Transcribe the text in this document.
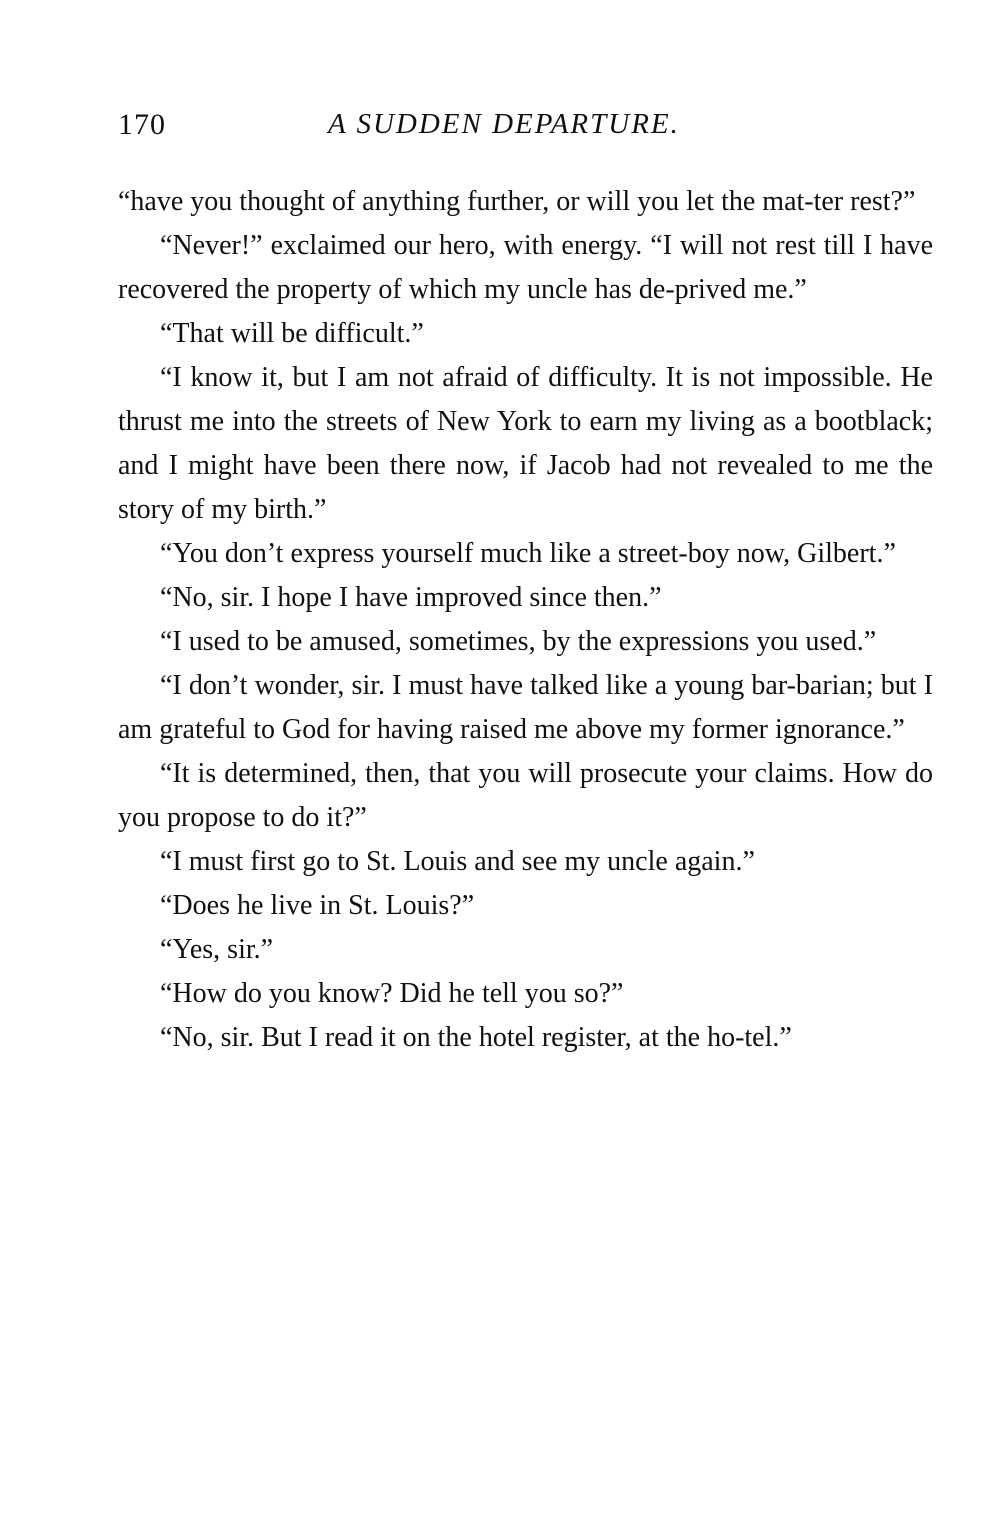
170	A SUDDEN DEPARTURE.

“have you thought of anything further, or will you let the mat-ter rest?”

“Never!” exclaimed our hero, with energy. “I will not rest till I have recovered the property of which my uncle has de-prived me.”

“That will be difficult.”

“I know it, but I am not afraid of difficulty. It is not impossible. He thrust me into the streets of New York to earn my living as a bootblack; and I might have been there now, if Jacob had not revealed to me the story of my birth.”

“You don’t express yourself much like a street-boy now, Gilbert.”

“No, sir. I hope I have improved since then.”

“I used to be amused, sometimes, by the expressions you used.”

“I don’t wonder, sir. I must have talked like a young bar-barian; but I am grateful to God for having raised me above my former ignorance.”

“It is determined, then, that you will prosecute your claims. How do you propose to do it?”

“I must first go to St. Louis and see my uncle again.”

“Does he live in St. Louis?”

“Yes, sir.”

“How do you know? Did he tell you so?”

“No, sir. But I read it on the hotel register, at the ho-tel.”
